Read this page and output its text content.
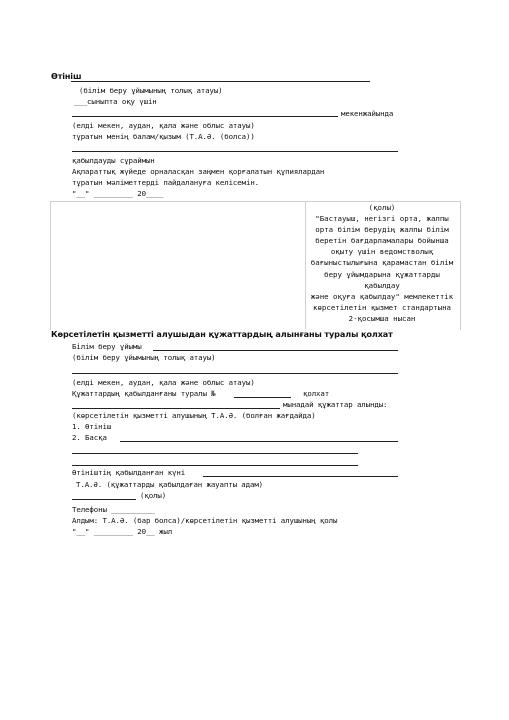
Өтініш
(білім беру ұйымының толық атауы)
___сыныпта оқу үшін
мекенжайында
(елді мекен, аудан, қала және облыс атауы)
тұратын менің балам/қызым (Т.А.Ә. (болса))
қабылдауды сұраймын
Ақпараттық жүйеде орналасқан заңмен қорғалатын құпиялардан
тұратын мәліметтерді пайдалануға келісемін.
"__" _________ 20____
(қолы)
"Бастауыш, негізгі орта, жалпы
орта білім берудің жалпы білім
беретін бағдарламалары бойынша
оқыту үшін ведомстволық
бағыныстылығына қарамастан білім
беру ұйымдарына құжаттарды
қабылдау
және оқуға қабылдау" мемлекеттік
көрсетілетін қызмет стандартына
2-қосымша нысан
Көрсетілетін қызметті алушыдан құжаттардың алынғаны туралы қолхат
Білім беру ұйымы
(білім беру ұйымының толық атауы)
(елді мекен, аудан, қала және облыс атауы)
Құжаттардың қабылданғаны туралы №	қолхат
мынадай құжаттар алынды:
(көрсетілетін қызметті алушының Т.А.Ә. (болған жағдайда)
1. Өтініш
2. Басқа
Өтініштің қабылданған күні
Т.А.Ә. (құжаттарды қабылдаған жауапты адам)
(қолы)
Телефоны __________
Алдым: Т.А.Ә. (бар болса)/көрсетілетін қызметті алушының қолы
"__" _________ 20__ жыл
